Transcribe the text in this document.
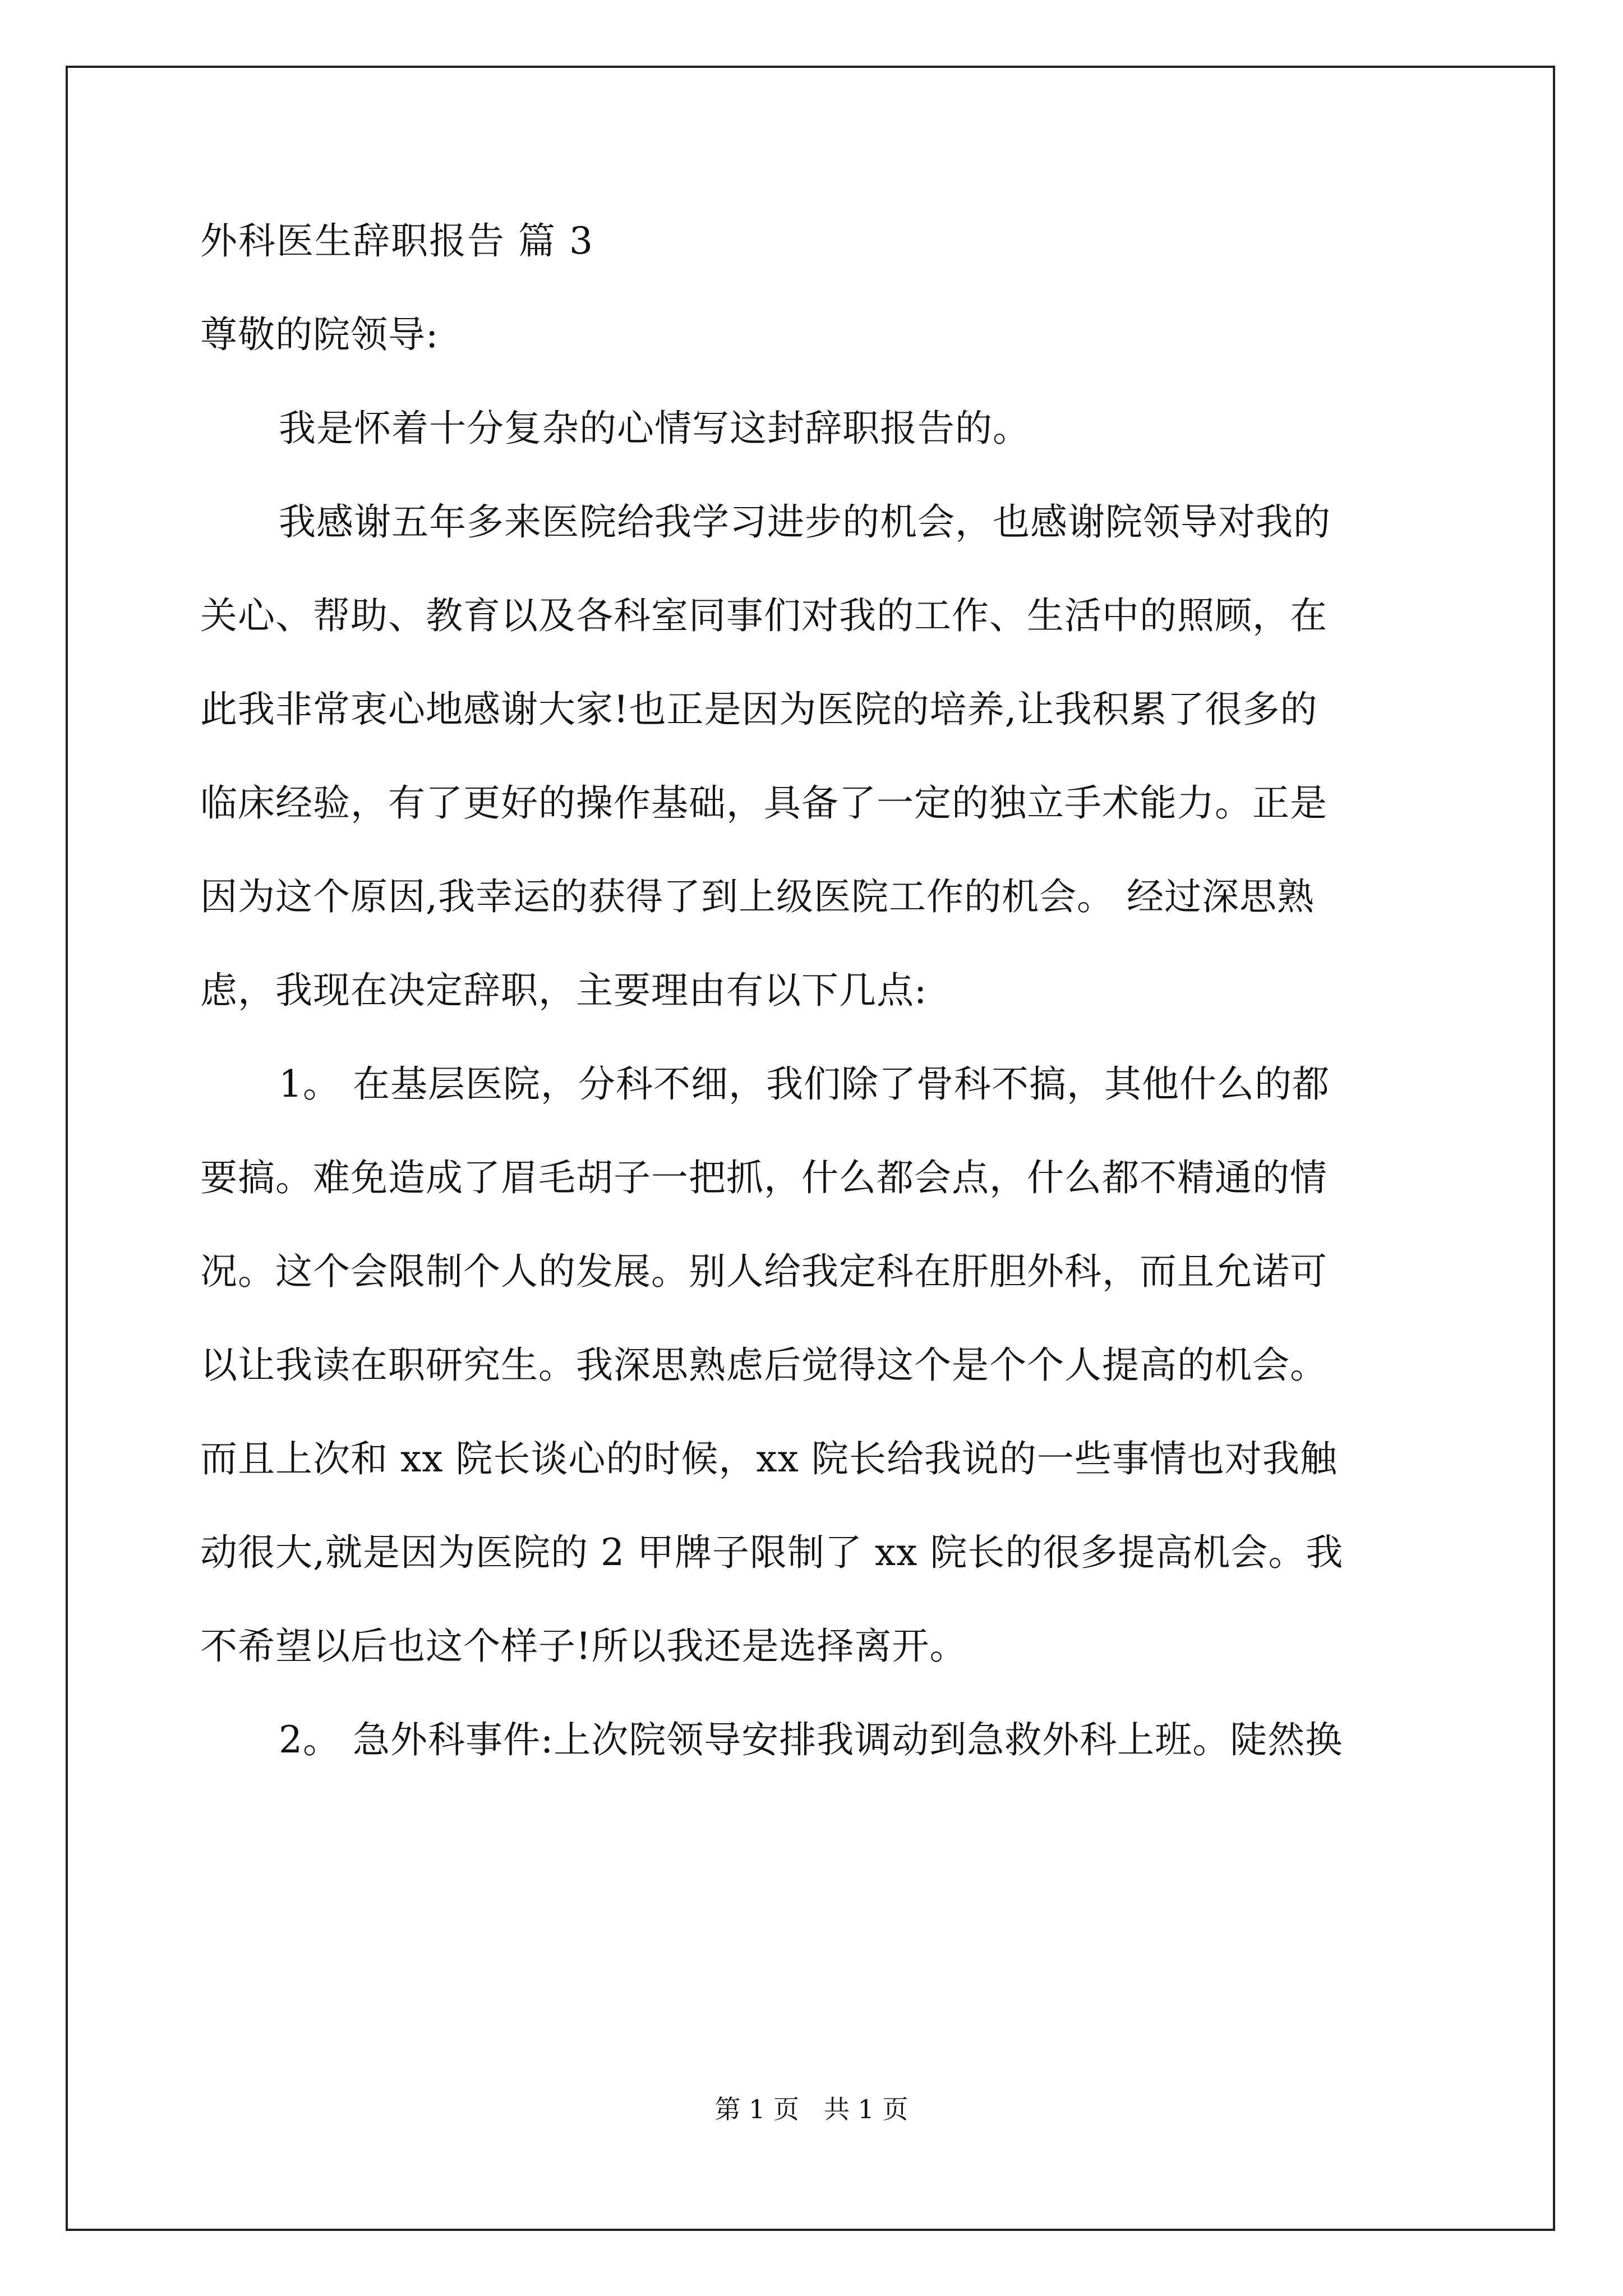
外科医生辞职报告 篇 3
尊敬的院领导:
我是怀着十分复杂的心情写这封辞职报告的。
我感谢五年多来医院给我学习进步的机会，也感谢院领导对我的
关心、帮助、教育以及各科室同事们对我的工作、生活中的照顾，在
此我非常衷心地感谢大家!也正是因为医院的培养,让我积累了很多的
临床经验，有了更好的操作基础，具备了一定的独立手术能力。正是
因为这个原因,我幸运的获得了到上级医院工作的机会。 经过深思熟
虑，我现在决定辞职，主要理由有以下几点:
1。 在基层医院，分科不细，我们除了骨科不搞，其他什么的都
要搞。难免造成了眉毛胡子一把抓，什么都会点，什么都不精通的情
况。这个会限制个人的发展。别人给我定科在肝胆外科，而且允诺可
以让我读在职研究生。我深思熟虑后觉得这个是个个人提高的机会。
而且上次和 xx 院长谈心的时候，xx 院长给我说的一些事情也对我触
动很大,就是因为医院的 2 甲牌子限制了 xx 院长的很多提高机会。我
不希望以后也这个样子!所以我还是选择离开。
2。 急外科事件:上次院领导安排我调动到急救外科上班。陡然换
第 1 页   共 1 页
